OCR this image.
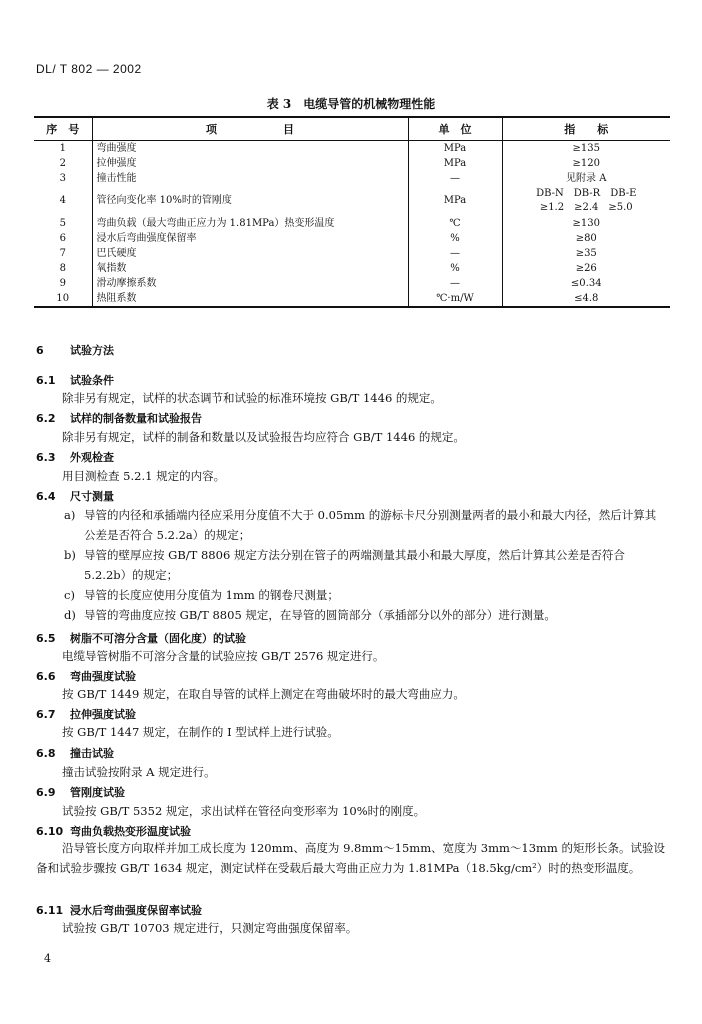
DL/ T 802 — 2002
表 3　电缆导管的机械物理性能
序　号	项　　　　　　目	单　位	指　　标
1	弯曲强度	MPa	≥135
2	拉伸强度	MPa	≥120
3	撞击性能	—	见附录 A
4	管径向变化率 10%时的管刚度	MPa	DB-N　DB-R　DB-E
≥1.2　≥2.4　≥5.0

5	弯曲负载（最大弯曲正应力为 1.81MPa）热变形温度	℃	≥130
6	浸水后弯曲强度保留率	%	≥80
7	巴氏硬度	—	≥35
8	氧指数	%	≥26
9	滑动摩擦系数	—	≤0.34
10	热阻系数	℃·m/W	≤4.8
6 试验方法
6.1 试验条件
除非另有规定，试样的状态调节和试验的标准环境按 GB/T 1446 的规定。
6.2 试样的制备数量和试验报告
除非另有规定，试样的制备和数量以及试验报告均应符合 GB/T 1446 的规定。
6.3 外观检查
用目测检查 5.2.1 规定的内容。
6.4 尺寸测量
a) 导管的内径和承插端内径应采用分度值不大于 0.05mm 的游标卡尺分别测量两者的最小和最大内径，然后计算其公差是否符合 5.2.2a）的规定；
b) 导管的壁厚应按 GB/T 8806 规定方法分别在管子的两端测量其最小和最大厚度，然后计算其公差是否符合 5.2.2b）的规定；
c) 导管的长度应使用分度值为 1mm 的钢卷尺测量；
d) 导管的弯曲度应按 GB/T 8805 规定，在导管的圆筒部分（承插部分以外的部分）进行测量。
6.5 树脂不可溶分含量（固化度）的试验
电缆导管树脂不可溶分含量的试验应按 GB/T 2576 规定进行。
6.6 弯曲强度试验
按 GB/T 1449 规定，在取自导管的试样上测定在弯曲破坏时的最大弯曲应力。
6.7 拉伸强度试验
按 GB/T 1447 规定，在制作的 I 型试样上进行试验。
6.8 撞击试验
撞击试验按附录 A 规定进行。
6.9 管刚度试验
试验按 GB/T 5352 规定，求出试样在管径向变形率为 10%时的刚度。
6.10 弯曲负载热变形温度试验
沿导管长度方向取样并加工成长度为 120mm、高度为 9.8mm～15mm、宽度为 3mm～13mm 的矩形长条。试验设备和试验步骤按 GB/T 1634 规定，测定试样在受载后最大弯曲正应力为 1.81MPa（18.5kg/cm²）时的热变形温度。
6.11 浸水后弯曲强度保留率试验
试验按 GB/T 10703 规定进行，只测定弯曲强度保留率。
4
